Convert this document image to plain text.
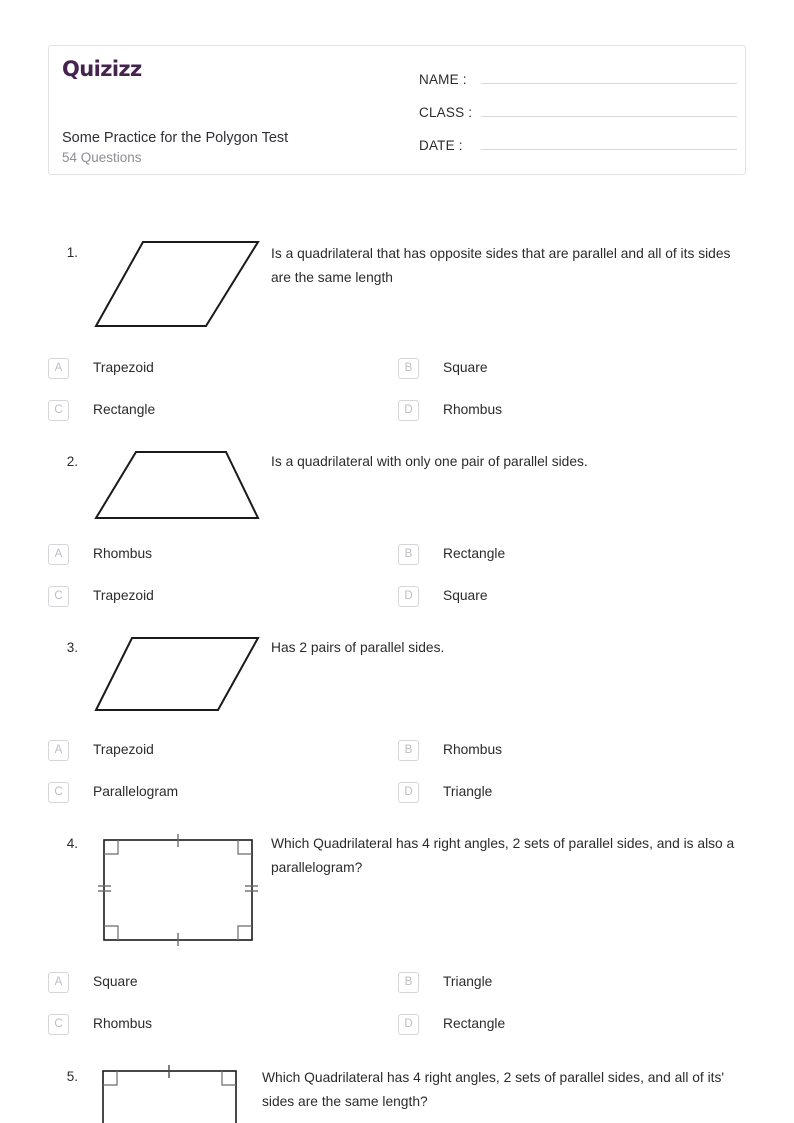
Quizizz
Some Practice for the Polygon Test
54 Questions
NAME :
CLASS :
DATE :
1.	Is a quadrilateral that has opposite sides that are parallel and all of its sides are the same length
A	Trapezoid	B	Square
C	Rectangle	D	Rhombus
2.	Is a quadrilateral with only one pair of parallel sides.
A	Rhombus	B	Rectangle
C	Trapezoid	D	Square
3.	Has 2 pairs of parallel sides.
A	Trapezoid	B	Rhombus
C	Parallelogram	D	Triangle
4.	Which Quadrilateral has 4 right angles, 2 sets of parallel sides, and is also a parallelogram?
A	Square	B	Triangle
C	Rhombus	D	Rectangle
5.	Which Quadrilateral has 4 right angles, 2 sets of parallel sides, and all of its' sides are the same length?
